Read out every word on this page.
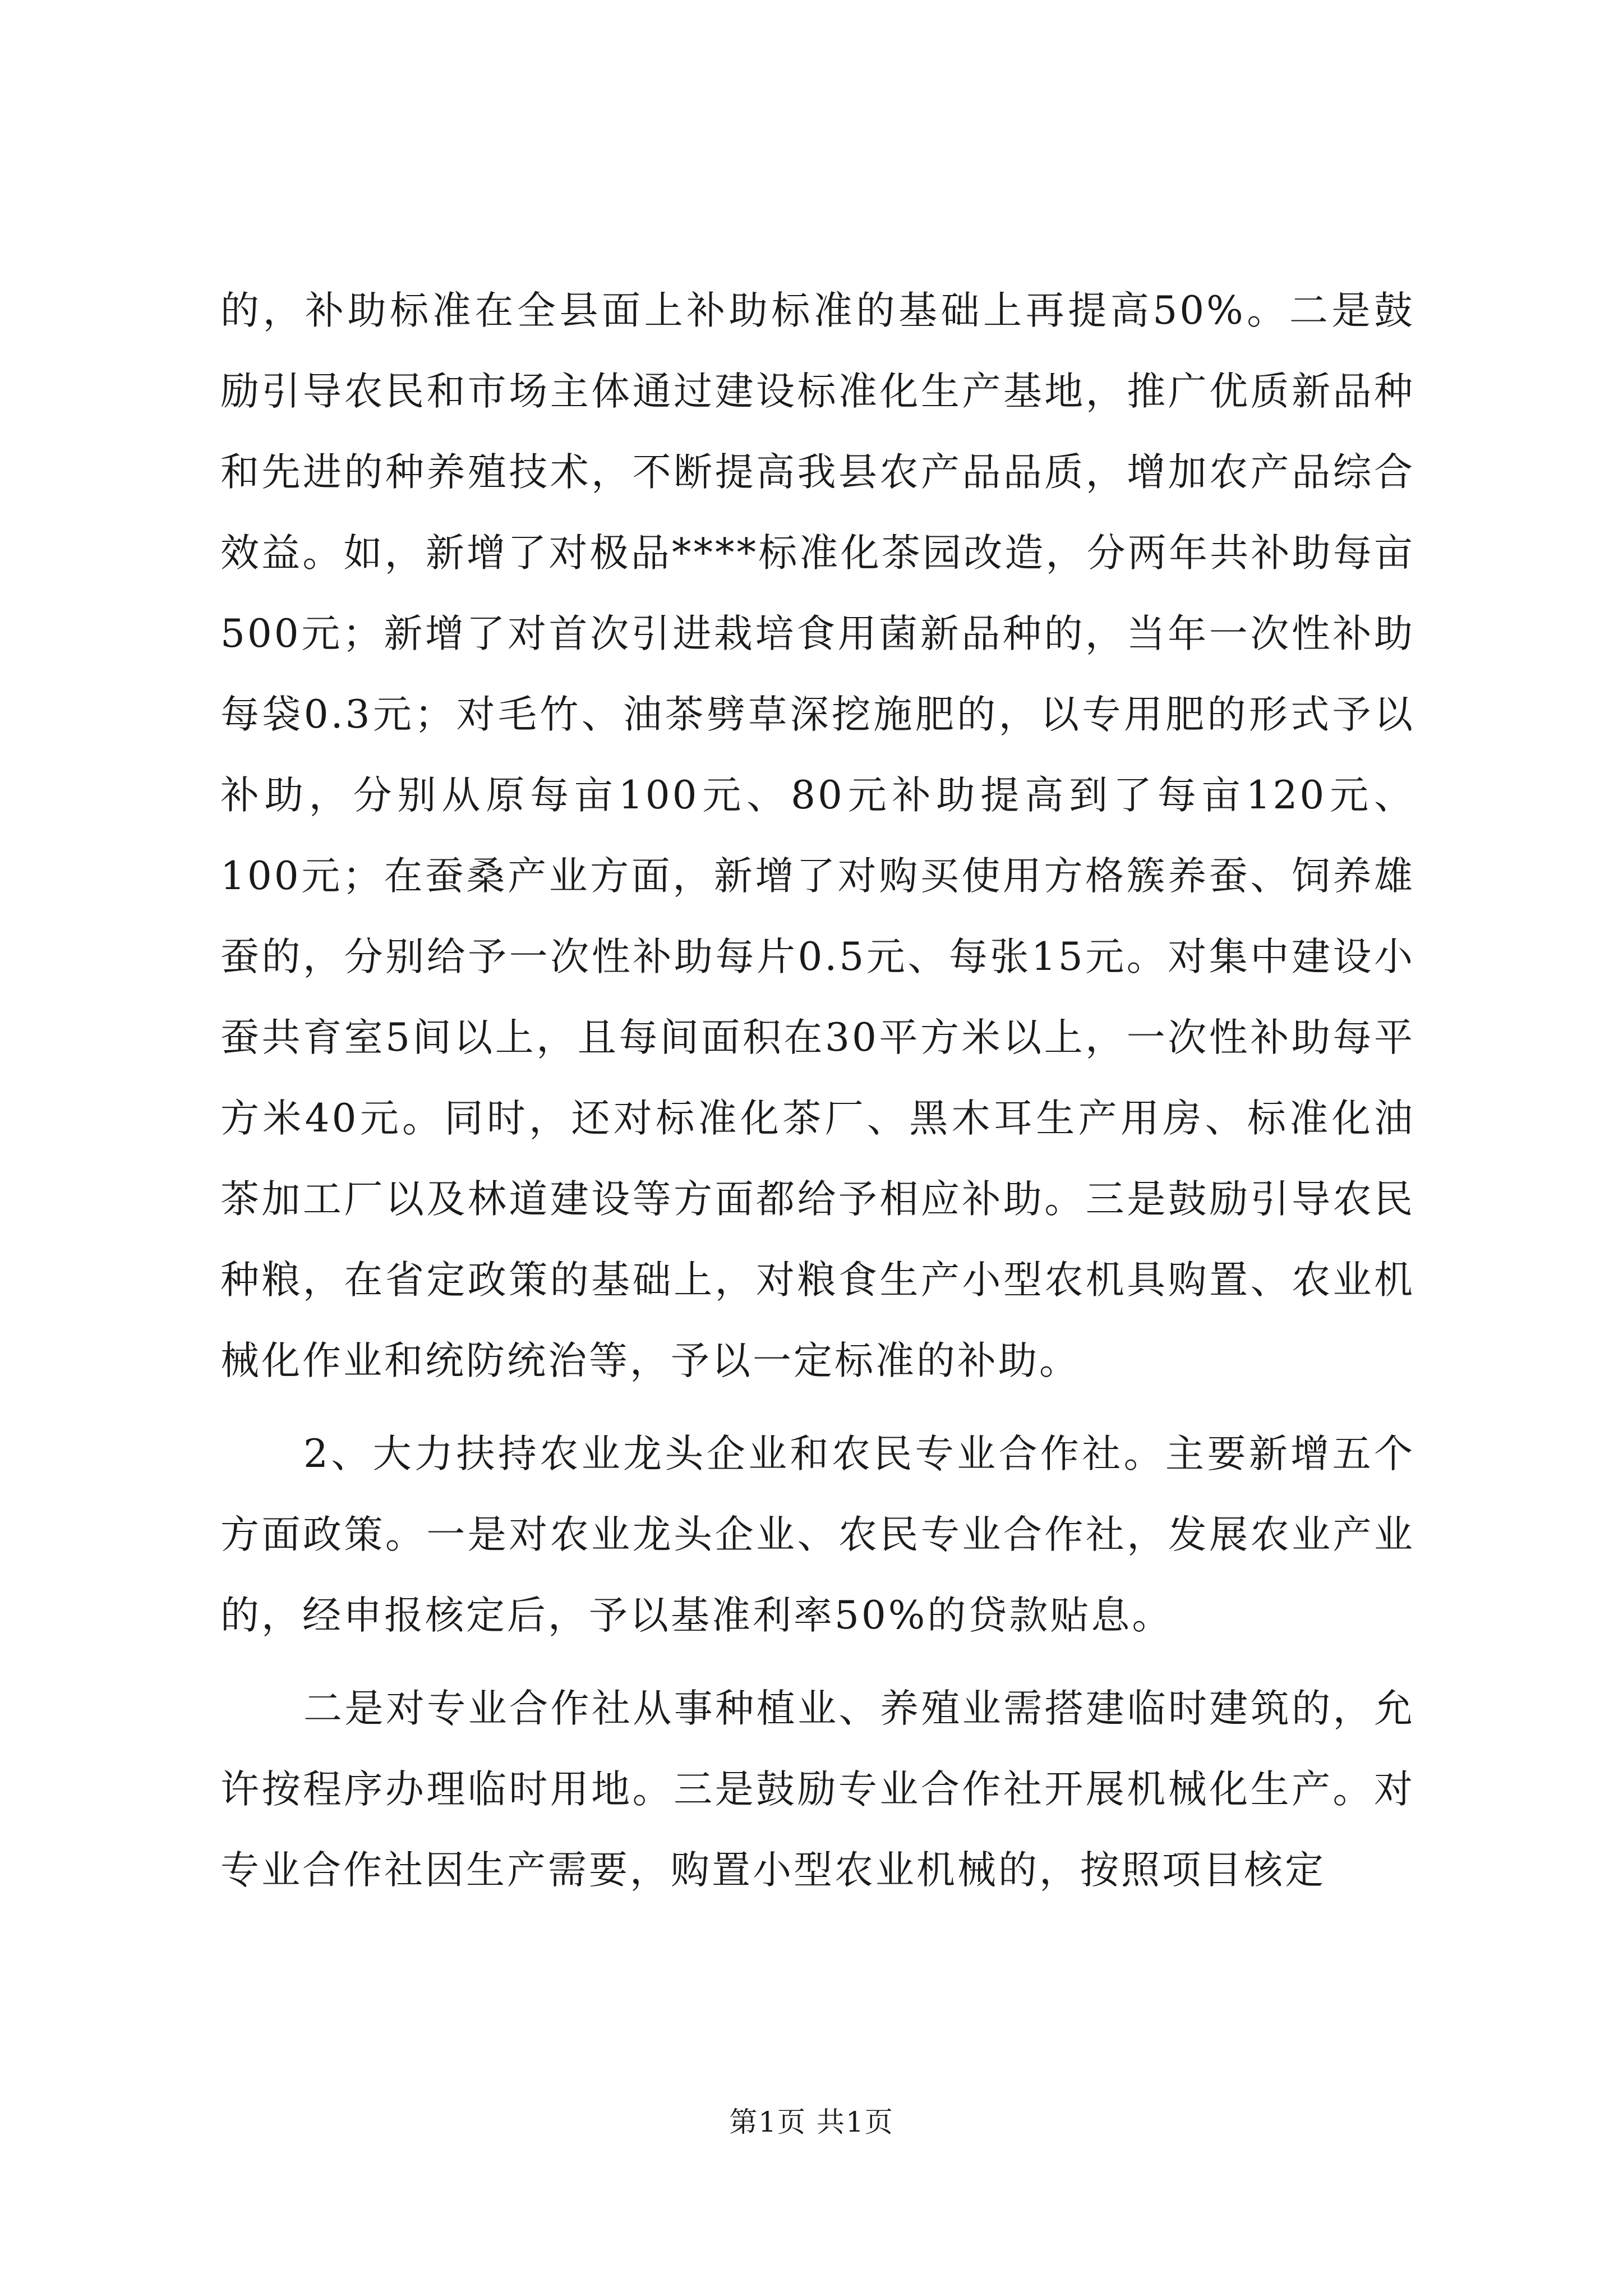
的，补助标准在全县面上补助标准的基础上再提高50%。二是鼓励引导农民和市场主体通过建设标准化生产基地，推广优质新品种和先进的种养殖技术，不断提高我县农产品品质，增加农产品综合效益。如，新增了对极品****标准化茶园改造，分两年共补助每亩500元；新增了对首次引进栽培食用菌新品种的，当年一次性补助每袋0.3元；对毛竹、油茶劈草深挖施肥的，以专用肥的形式予以补助，分别从原每亩100元、80元补助提高到了每亩120元、100元；在蚕桑产业方面，新增了对购买使用方格簇养蚕、饲养雄蚕的，分别给予一次性补助每片0.5元、每张15元。对集中建设小蚕共育室5间以上，且每间面积在30平方米以上，一次性补助每平方米40元。同时，还对标准化茶厂、黑木耳生产用房、标准化油茶加工厂以及林道建设等方面都给予相应补助。三是鼓励引导农民种粮，在省定政策的基础上，对粮食生产小型农机具购置、农业机械化作业和统防统治等，予以一定标准的补助。

2、大力扶持农业龙头企业和农民专业合作社。主要新增五个方面政策。一是对农业龙头企业、农民专业合作社，发展农业产业的，经申报核定后，予以基准利率50%的贷款贴息。

二是对专业合作社从事种植业、养殖业需搭建临时建筑的，允许按程序办理临时用地。三是鼓励专业合作社开展机械化生产。对专业合作社因生产需要，购置小型农业机械的，按照项目核定

第1页 共1页
